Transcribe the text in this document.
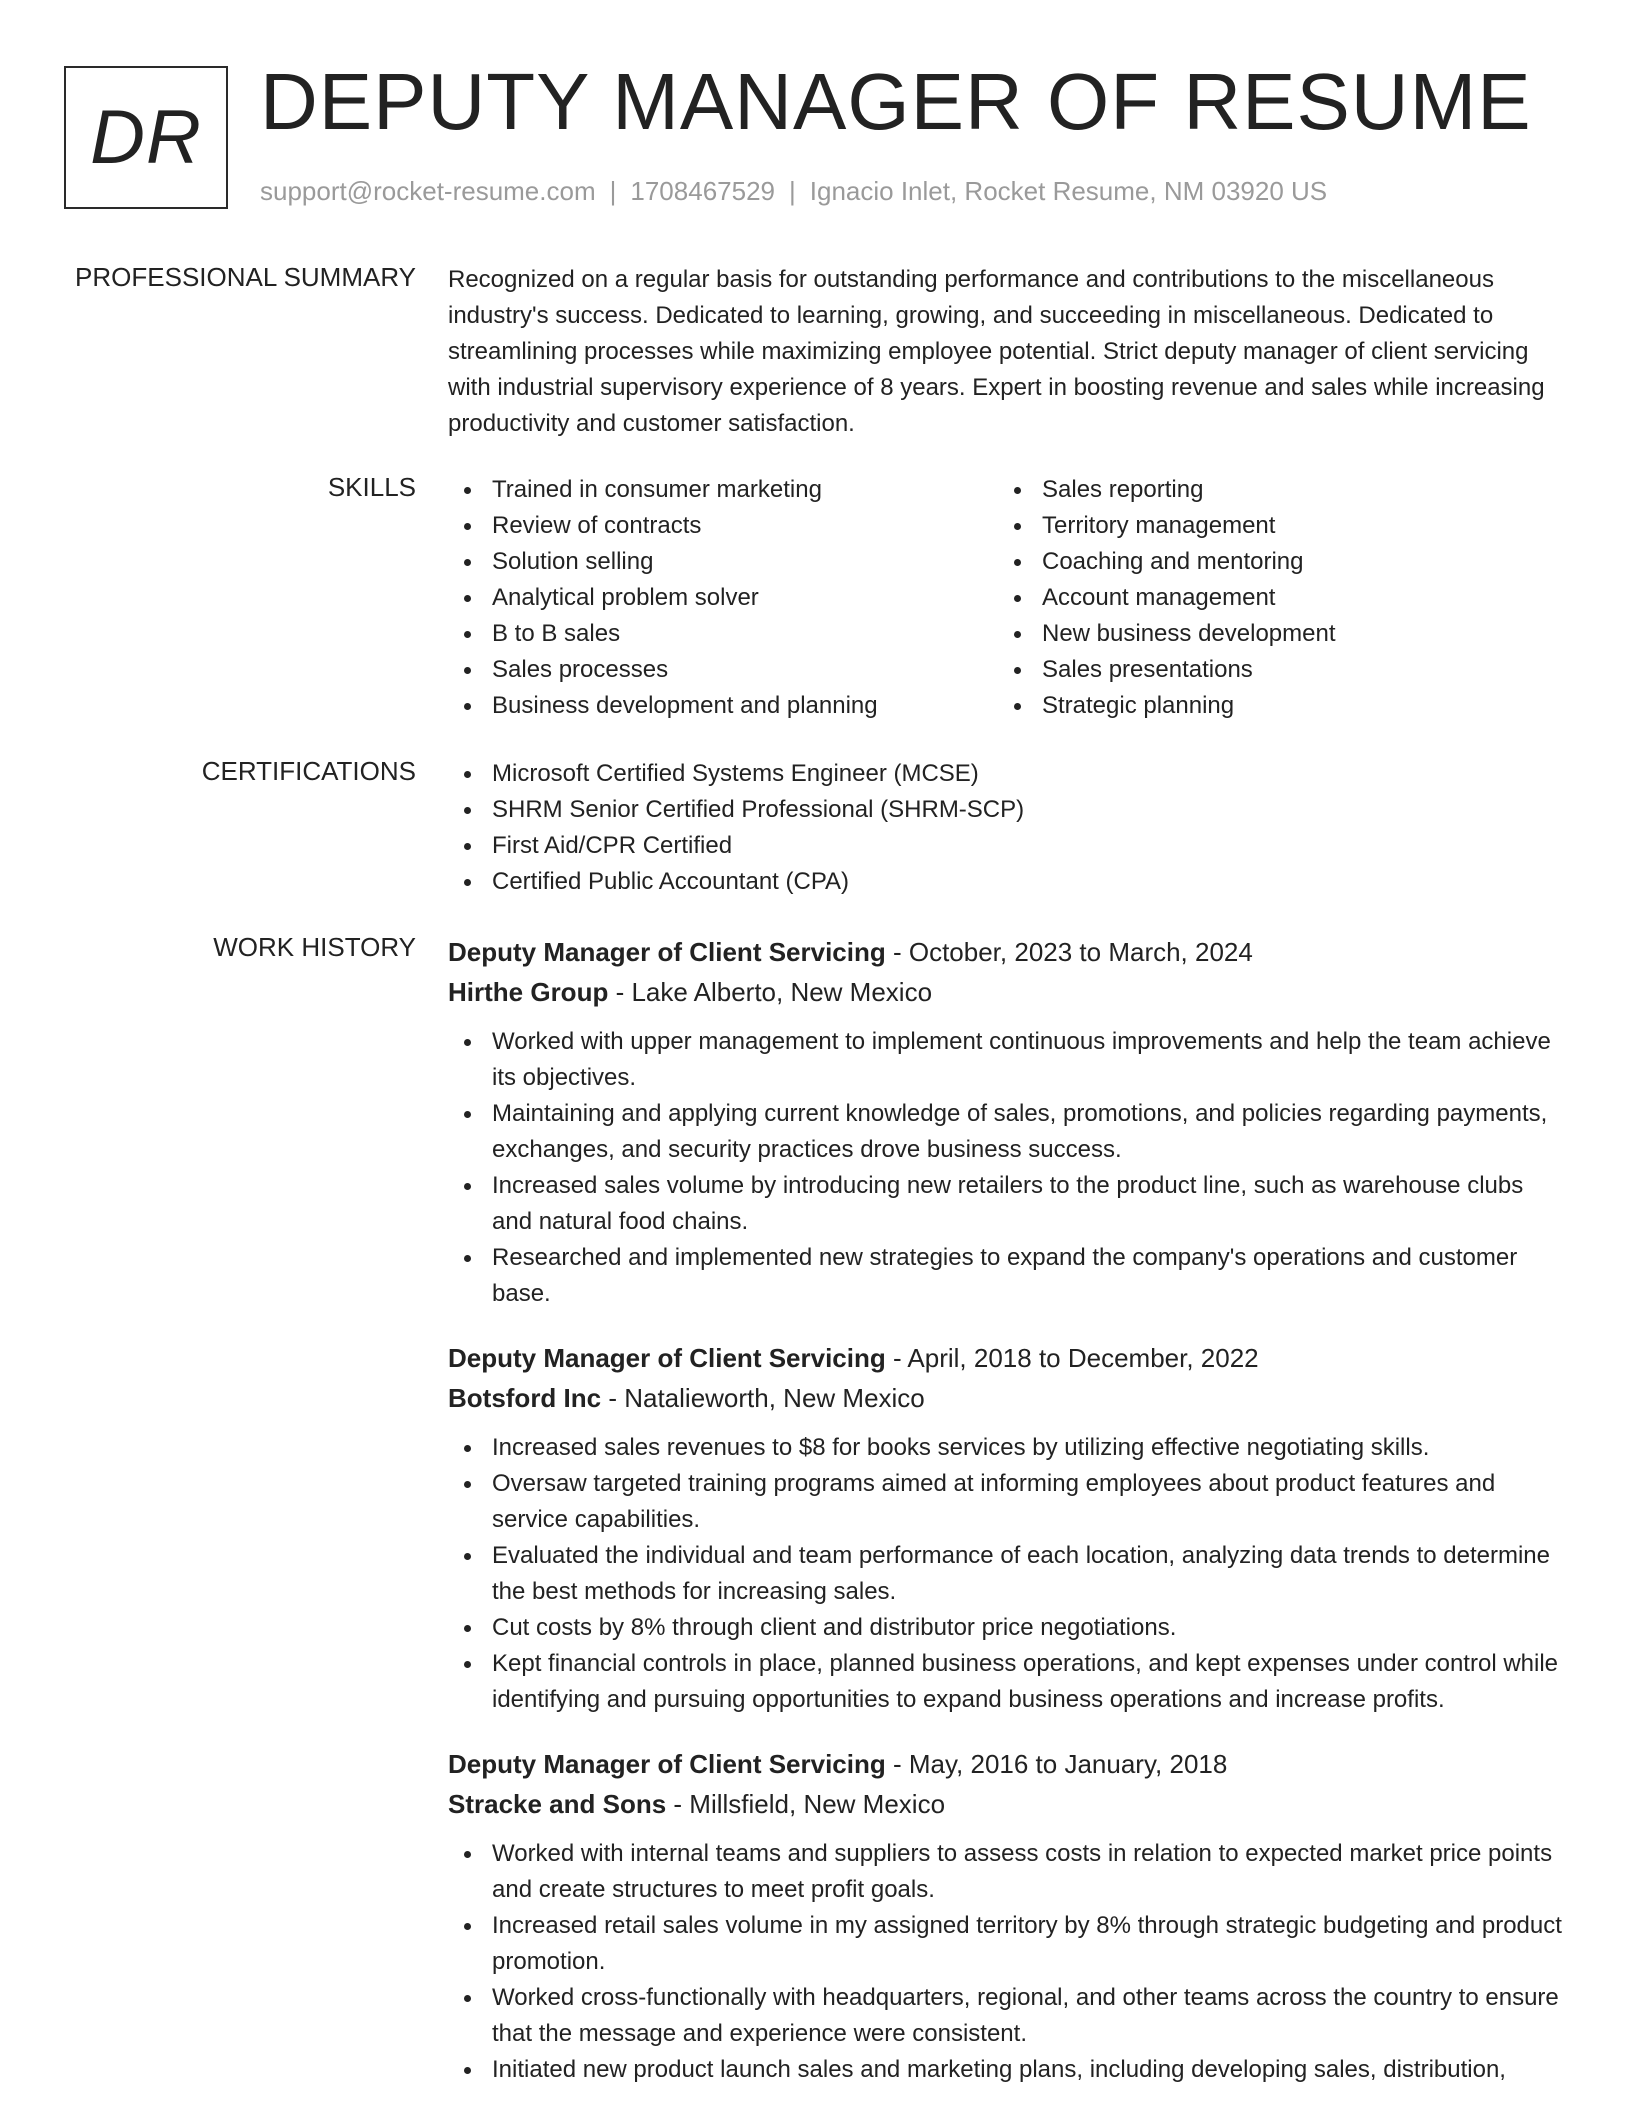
DR DEPUTY MANAGER OF RESUME
support@rocket-resume.com | 1708467529 | Ignacio Inlet, Rocket Resume, NM 03920 US
PROFESSIONAL SUMMARY Recognized on a regular basis for outstanding performance and contributions to the miscellaneous industry's success. Dedicated to learning, growing, and succeeding in miscellaneous. Dedicated to streamlining processes while maximizing employee potential. Strict deputy manager of client servicing with industrial supervisory experience of 8 years. Expert in boosting revenue and sales while increasing productivity and customer satisfaction.
SKILLS	Trained in consumer marketing
Review of contracts
Solution selling
Analytical problem solver
B to B sales
Sales processes
Business development and planning
Sales reporting
Territory management
Coaching and mentoring
Account management
New business development
Sales presentations
Strategic planning
CERTIFICATIONS	Microsoft Certified Systems Engineer (MCSE)
SHRM Senior Certified Professional (SHRM-SCP)
First Aid/CPR Certified
Certified Public Accountant (CPA)
WORK HISTORY Deputy Manager of Client Servicing - October, 2023 to March, 2024
Hirthe Group - Lake Alberto, New Mexico
Worked with upper management to implement continuous improvements and help the team achieve its objectives.
Maintaining and applying current knowledge of sales, promotions, and policies regarding payments, exchanges, and security practices drove business success.
Increased sales volume by introducing new retailers to the product line, such as warehouse clubs and natural food chains.
Researched and implemented new strategies to expand the company's operations and customer base.
Deputy Manager of Client Servicing - April, 2018 to December, 2022
Botsford Inc - Natalieworth, New Mexico
Increased sales revenues to $8 for books services by utilizing effective negotiating skills.
Oversaw targeted training programs aimed at informing employees about product features and service capabilities.
Evaluated the individual and team performance of each location, analyzing data trends to determine the best methods for increasing sales.
Cut costs by 8% through client and distributor price negotiations.
Kept financial controls in place, planned business operations, and kept expenses under control while identifying and pursuing opportunities to expand business operations and increase profits.
Deputy Manager of Client Servicing - May, 2016 to January, 2018
Stracke and Sons - Millsfield, New Mexico
Worked with internal teams and suppliers to assess costs in relation to expected market price points and create structures to meet profit goals.
Increased retail sales volume in my assigned territory by 8% through strategic budgeting and product promotion.
Worked cross-functionally with headquarters, regional, and other teams across the country to ensure that the message and experience were consistent.
Initiated new product launch sales and marketing plans, including developing sales, distribution,
